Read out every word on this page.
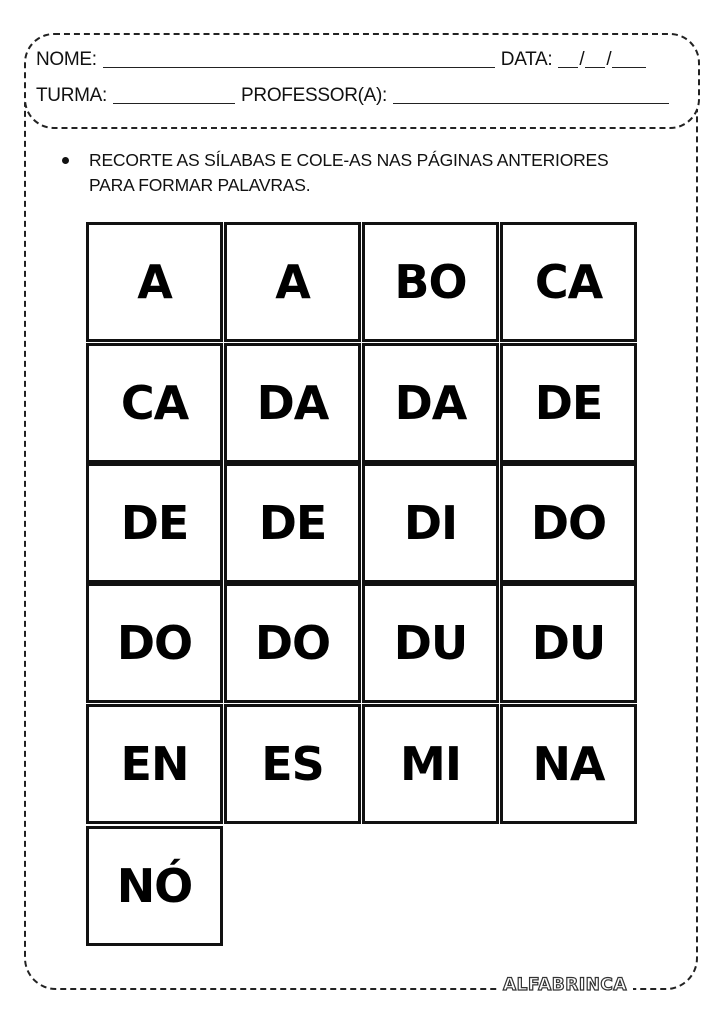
NOME:	DATA: / /
TURMA:	PROFESSOR(A):
RECORTE AS SÍLABAS E COLE-AS NAS PÁGINAS ANTERIORES
PARA FORMAR PALAVRAS.
A	A	BO	CA
CA	DA	DA	DE
DE	DE	DI	DO
DO	DO	DU	DU
EN	ES	MI	NA
NÓ
ALFABRINCA
